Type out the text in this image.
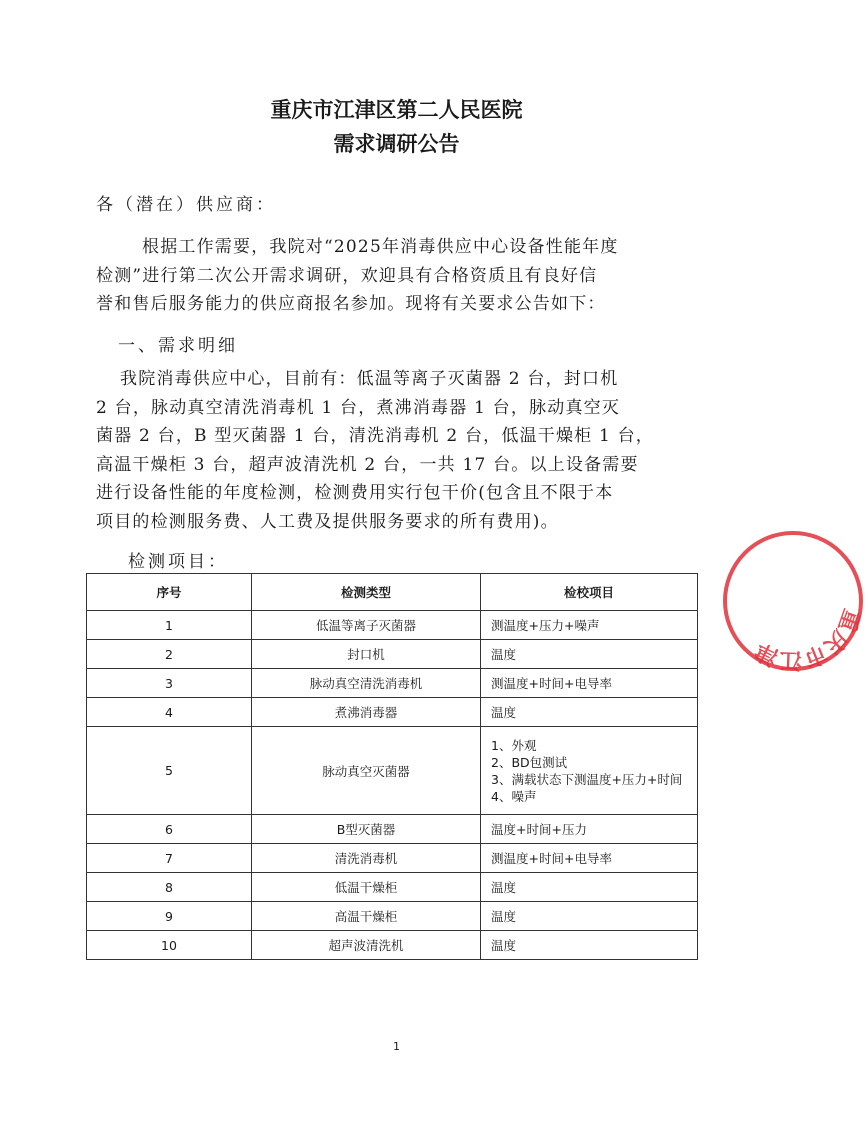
重庆市江津区第二人民医院
需求调研公告
各（潜在）供应商：
根据工作需要，我院对“2025年消毒供应中心设备性能年度
检测”进行第二次公开需求调研，欢迎具有合格资质且有良好信
誉和售后服务能力的供应商报名参加。现将有关要求公告如下：
一、需求明细
我院消毒供应中心，目前有：低温等离子灭菌器 2 台，封口机
2 台，脉动真空清洗消毒机 1 台，煮沸消毒器 1 台，脉动真空灭
菌器 2 台，B 型灭菌器 1 台，清洗消毒机 2 台，低温干燥柜 1 台，
高温干燥柜 3 台，超声波清洗机 2 台，一共 17 台。以上设备需要
进行设备性能的年度检测，检测费用实行包干价(包含且不限于本
项目的检测服务费、人工费及提供服务要求的所有费用)。
检测项目：
序号	检测类型	检校项目
1	低温等离子灭菌器	测温度+压力+噪声
2	封口机	温度
3	脉动真空清洗消毒机	测温度+时间+电导率
4	煮沸消毒器	温度
5	脉动真空灭菌器	1、外观
2、BD包测试
3、满载状态下测温度+压力+时间
4、噪声

6	B型灭菌器	温度+时间+压力
7	清洗消毒机	测温度+时间+电导率
8	低温干燥柜	温度
9	高温干燥柜	温度
10	超声波清洗机	温度
1
重庆市江津
